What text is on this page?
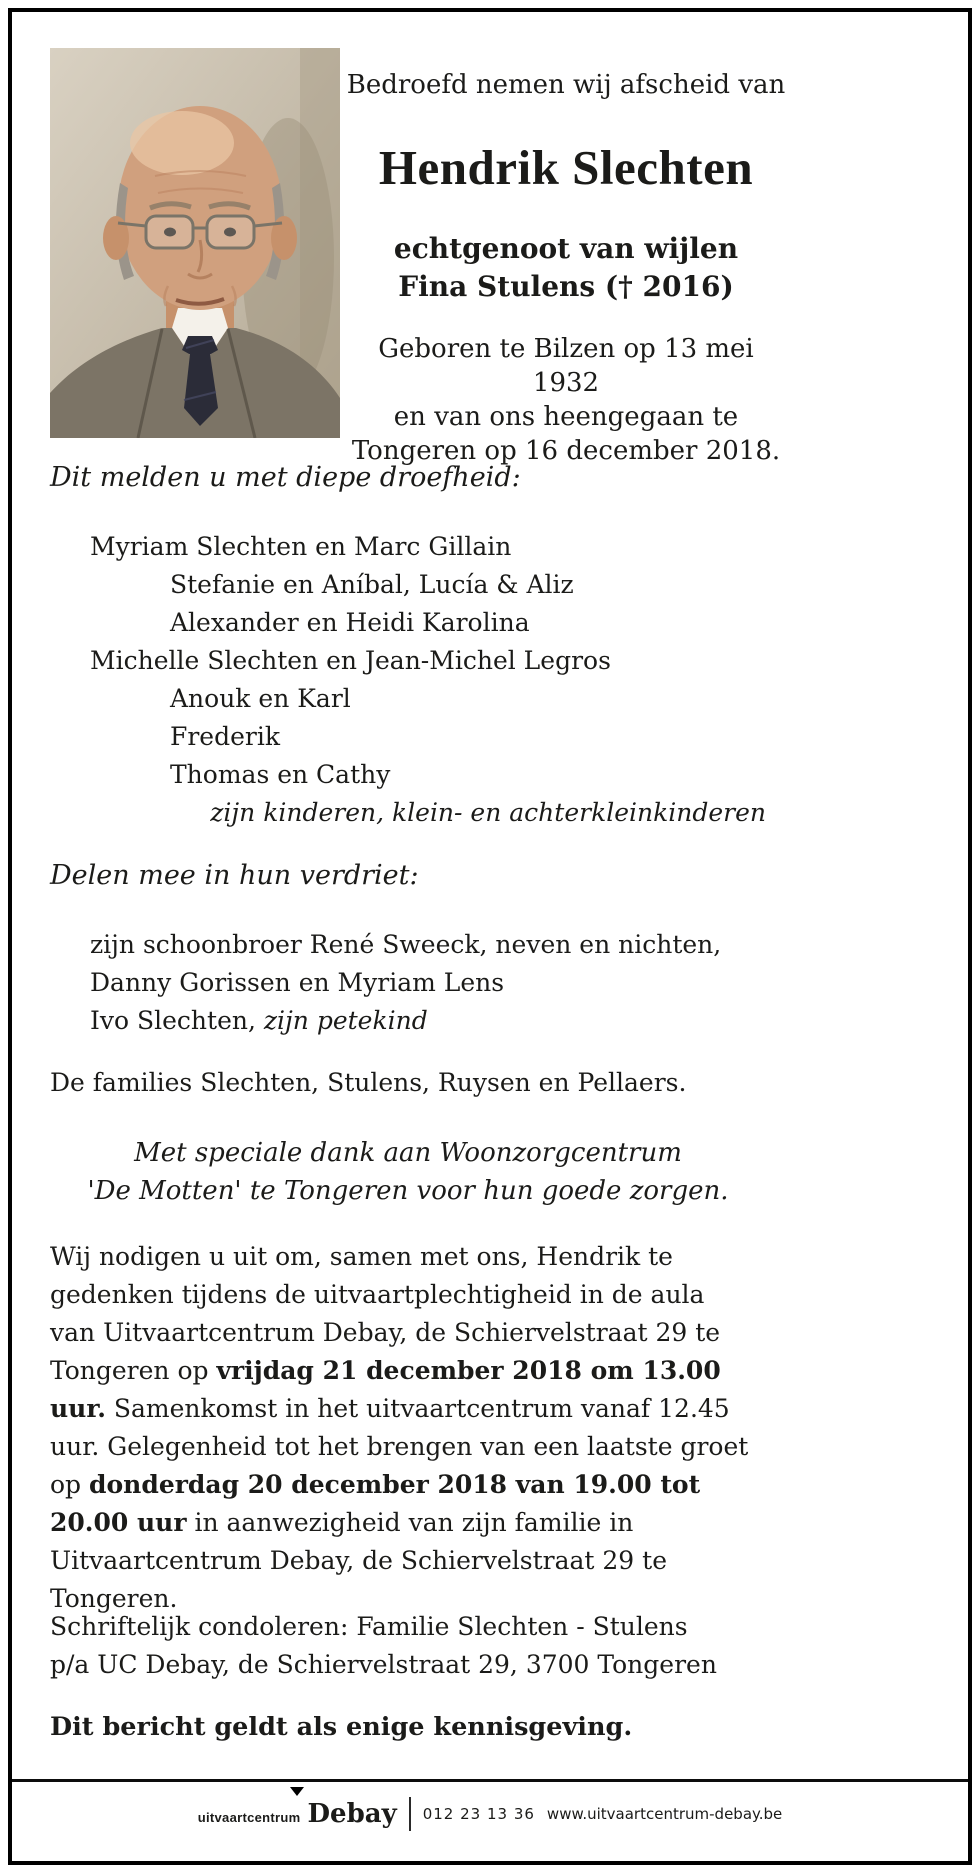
Bedroefd nemen wij afscheid van

Hendrik Slechten

echtgenoot van wijlen
Fina Stulens († 2016)

Geboren te Bilzen op 13 mei 1932
en van ons heengegaan te
Tongeren op 16 december 2018.

Dit melden u met diepe droefheid:

Myriam Slechten en Marc Gillain
Stefanie en Aníbal, Lucía & Aliz
Alexander en Heidi Karolina
Michelle Slechten en Jean-Michel Legros
Anouk en Karl
Frederik
Thomas en Cathy
zijn kinderen, klein- en achterkleinkinderen

Delen mee in hun verdriet:

zijn schoonbroer René Sweeck, neven en nichten,
Danny Gorissen en Myriam Lens
Ivo Slechten, zijn petekind

De families Slechten, Stulens, Ruysen en Pellaers.

Met speciale dank aan Woonzorgcentrum
'De Motten' te Tongeren voor hun goede zorgen.

Wij nodigen u uit om, samen met ons, Hendrik te gedenken tijdens de uitvaartplechtigheid in de aula van Uitvaartcentrum Debay, de Schiervelstraat 29 te Tongeren op vrijdag 21 december 2018 om 13.00 uur. Samenkomst in het uitvaartcentrum vanaf 12.45 uur. Gelegenheid tot het brengen van een laatste groet op donderdag 20 december 2018 van 19.00 tot 20.00 uur in aanwezigheid van zijn familie in Uitvaartcentrum Debay, de Schiervelstraat 29 te Tongeren.

Schriftelijk condoleren: Familie Slechten - Stulens
p/a UC Debay, de Schiervelstraat 29, 3700 Tongeren

Dit bericht geldt als enige kennisgeving.

uitvaartcentrum Debay 012 23 13 36 www.uitvaartcentrum-debay.be
